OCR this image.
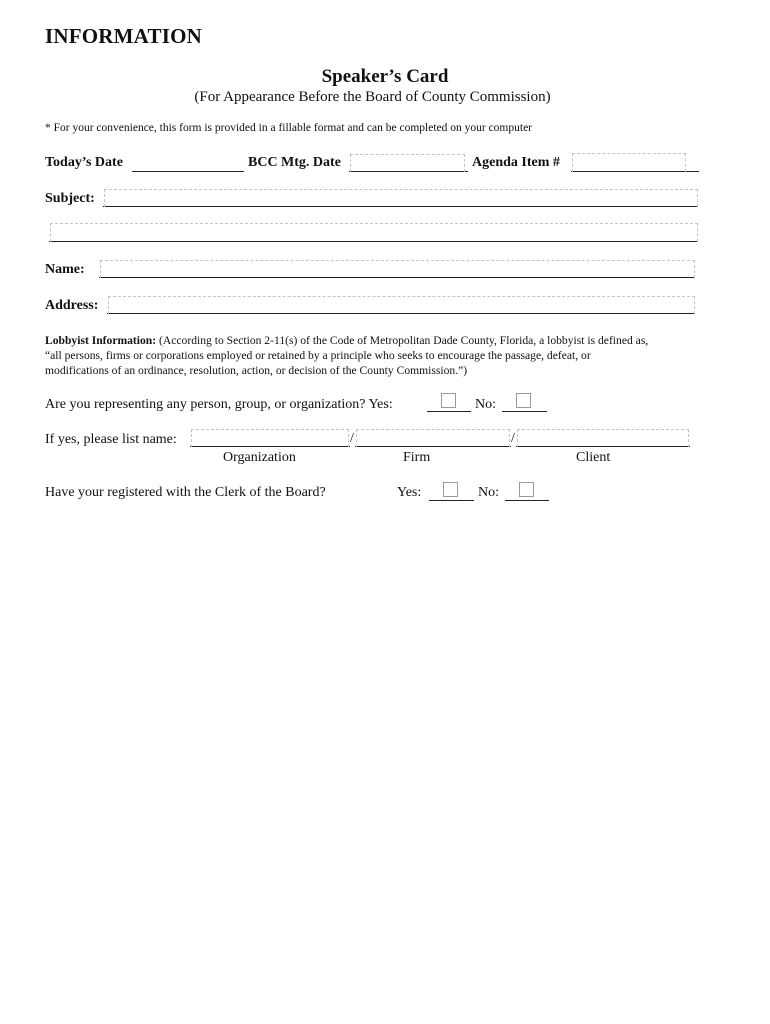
INFORMATION
Speaker’s Card
(For Appearance Before the Board of County Commission)
* For your convenience, this form is provided in a fillable format and can be completed on your computer
Today’s Date	BCC Mtg. Date	Agenda Item #
Subject:
Name:
Address:
Lobbyist Information: (According to Section 2-11(s) of the Code of Metropolitan Dade County, Florida, a lobbyist is defined as,
“all persons, firms or corporations employed or retained by a principle who seeks to encourage the passage, defeat, or
modifications of an ordinance, resolution, action, or decision of the County Commission.”)
Are you representing any person, group, or organization? Yes:	No:
If yes, please list name:	/	/
Organization	Firm	Client
Have your registered with the Clerk of the Board?	Yes:	No:
